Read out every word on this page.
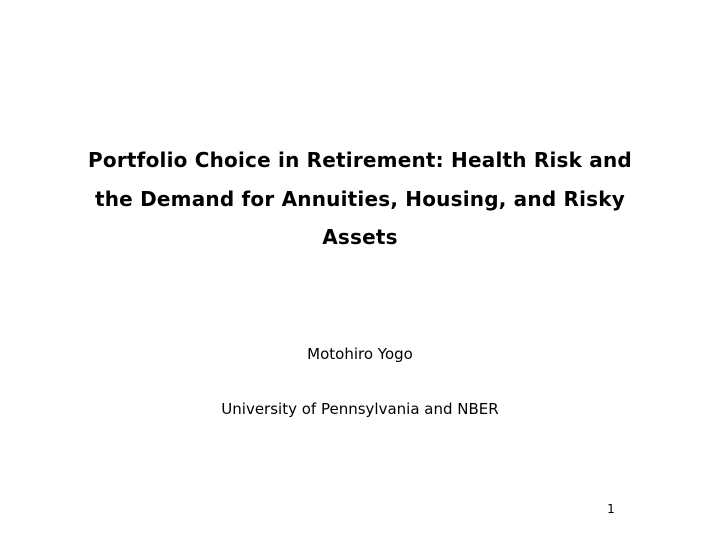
Portfolio Choice in Retirement: Health Risk and
the Demand for Annuities, Housing, and Risky
Assets
Motohiro Yogo
University of Pennsylvania and NBER
1
